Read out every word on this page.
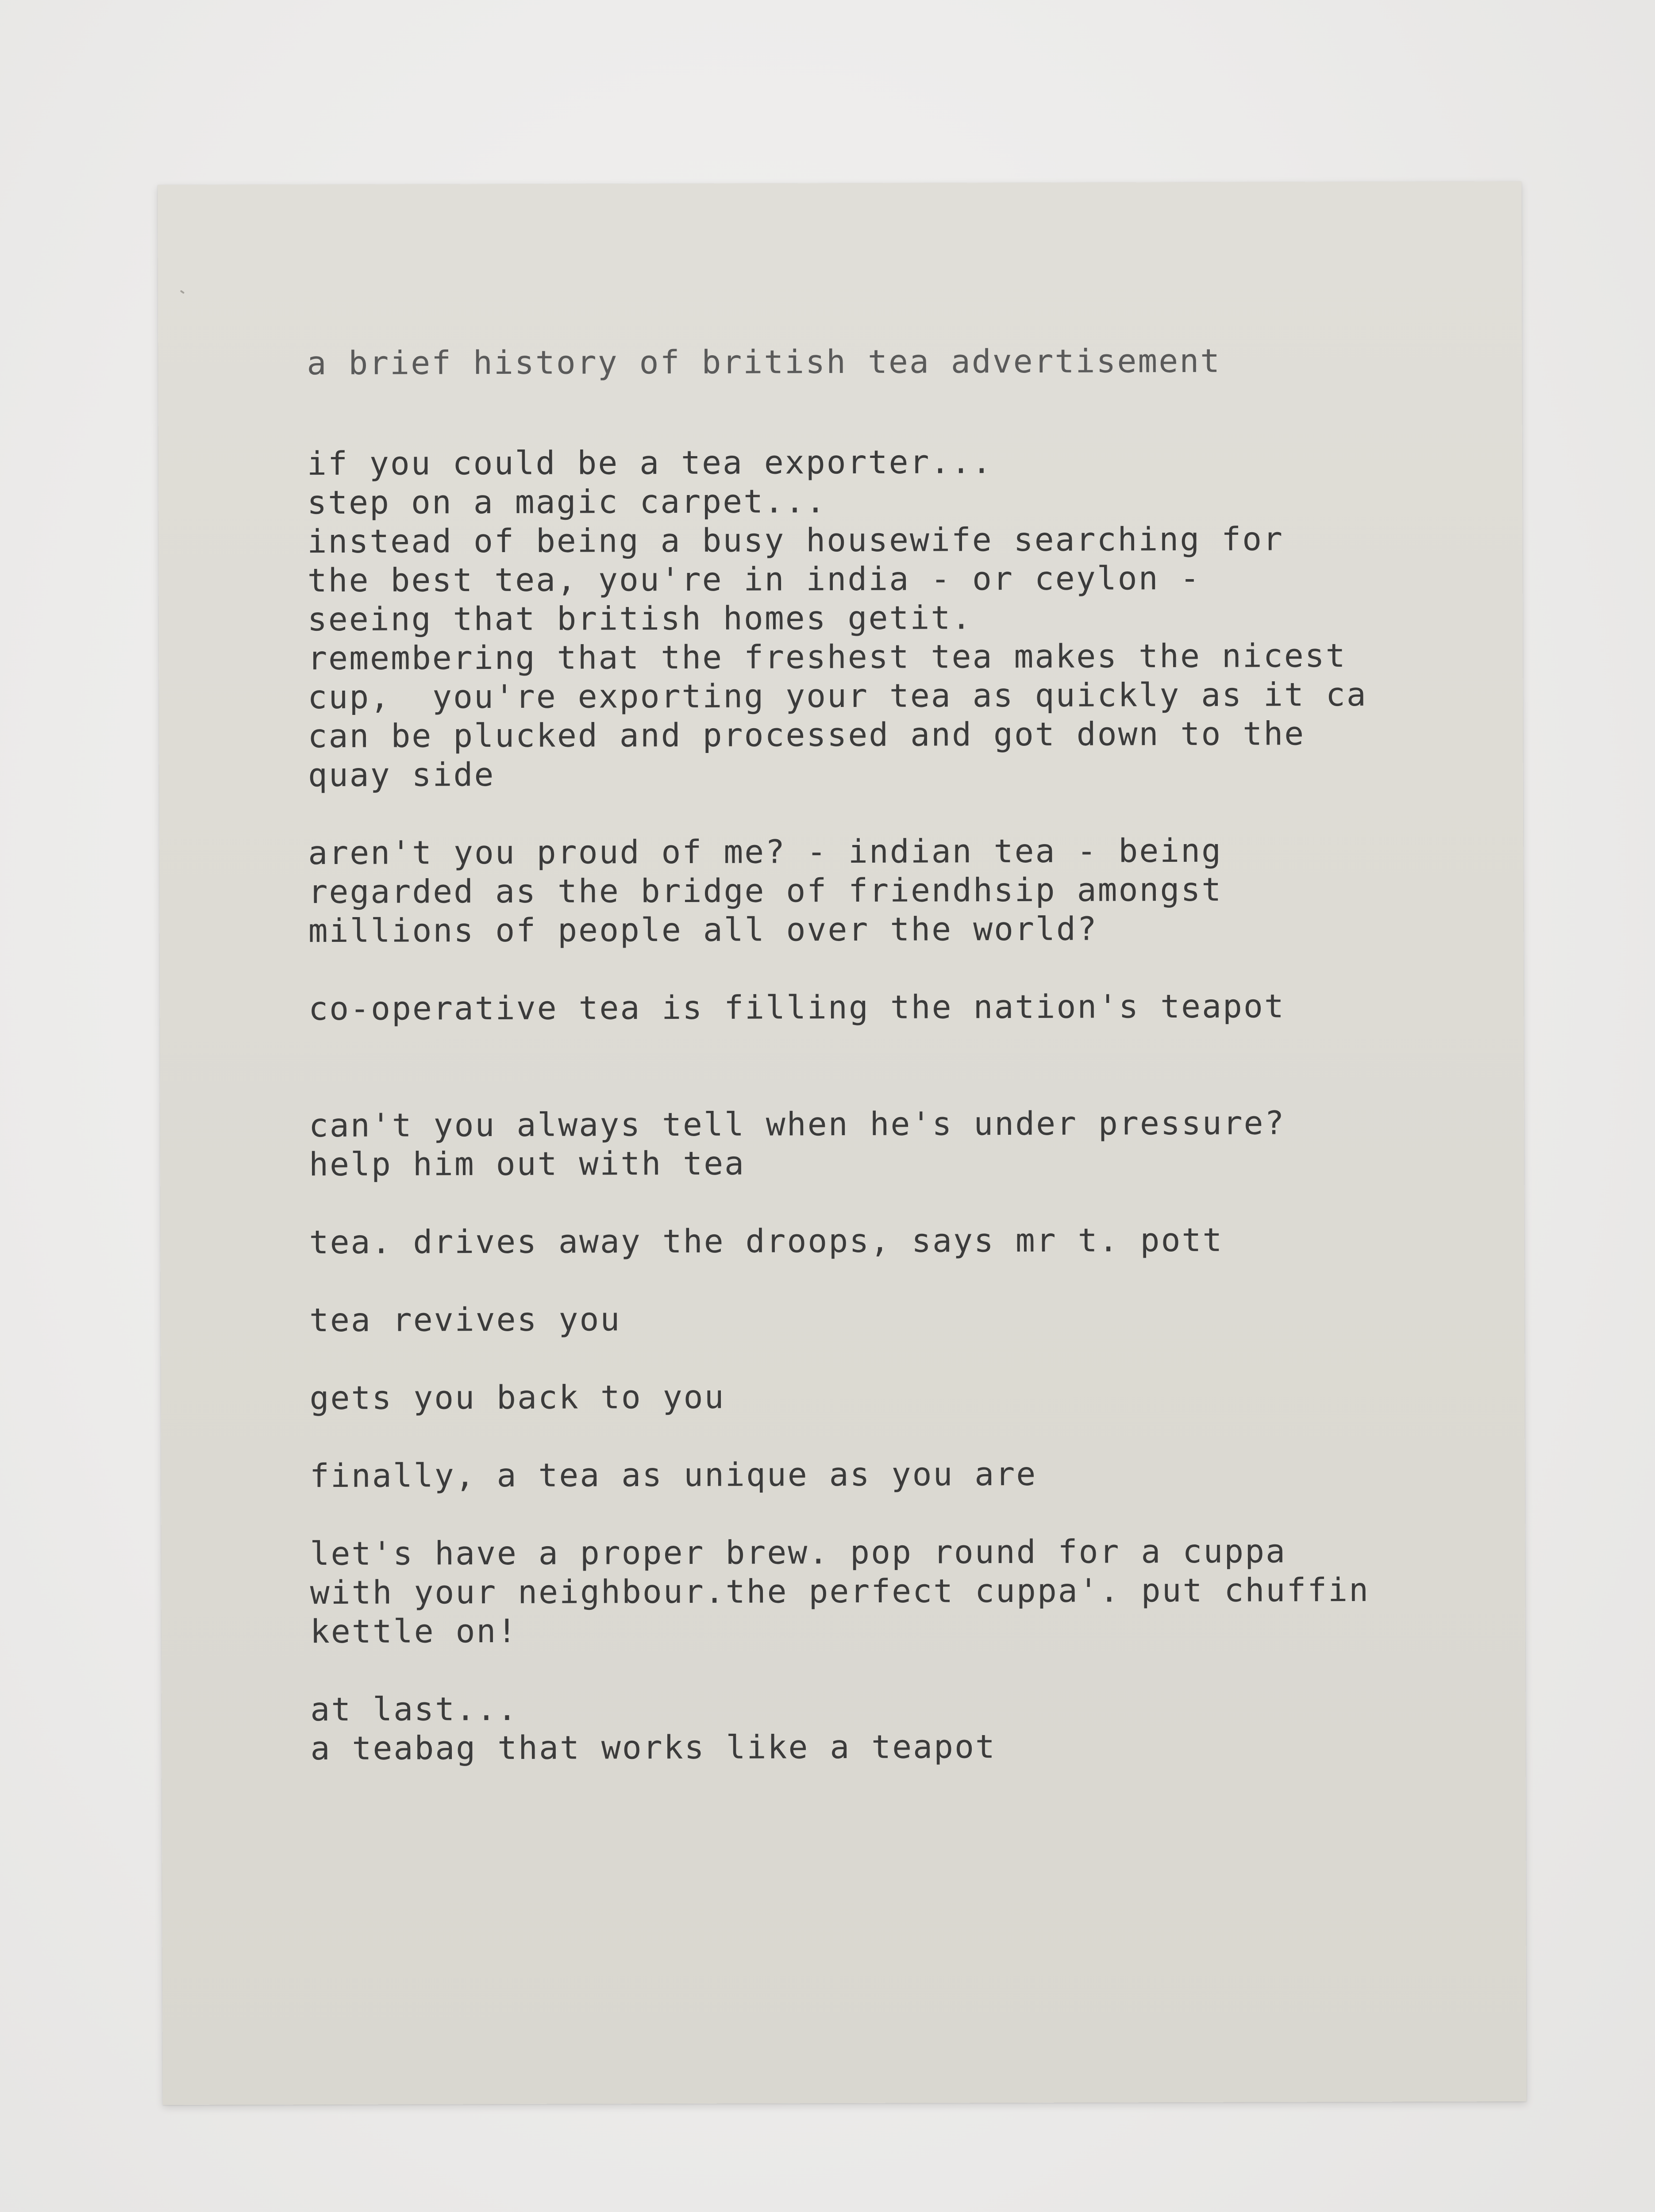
a brief history of british tea advertisement

if you could be a tea exporter...

step on a magic carpet...

instead of being a busy housewife searching for

the best tea, you're in india - or ceylon -

seeing that british homes getit.

remembering that the freshest tea makes the nicest

cup,  you're exporting your tea as quickly as it ca

can be plucked and processed and got down to the

quay side

aren't you proud of me? - indian tea - being

regarded as the bridge of friendhsip amongst

millions of people all over the world?

co-operative tea is filling the nation's teapot

can't you always tell when he's under pressure?

help him out with tea

tea. drives away the droops, says mr t. pott

tea revives you

gets you back to you

finally, a tea as unique as you are

let's have a proper brew. pop round for a cuppa

with your neighbour.the perfect cuppa'. put chuffin

kettle on!

at last...

a teabag that works like a teapot
